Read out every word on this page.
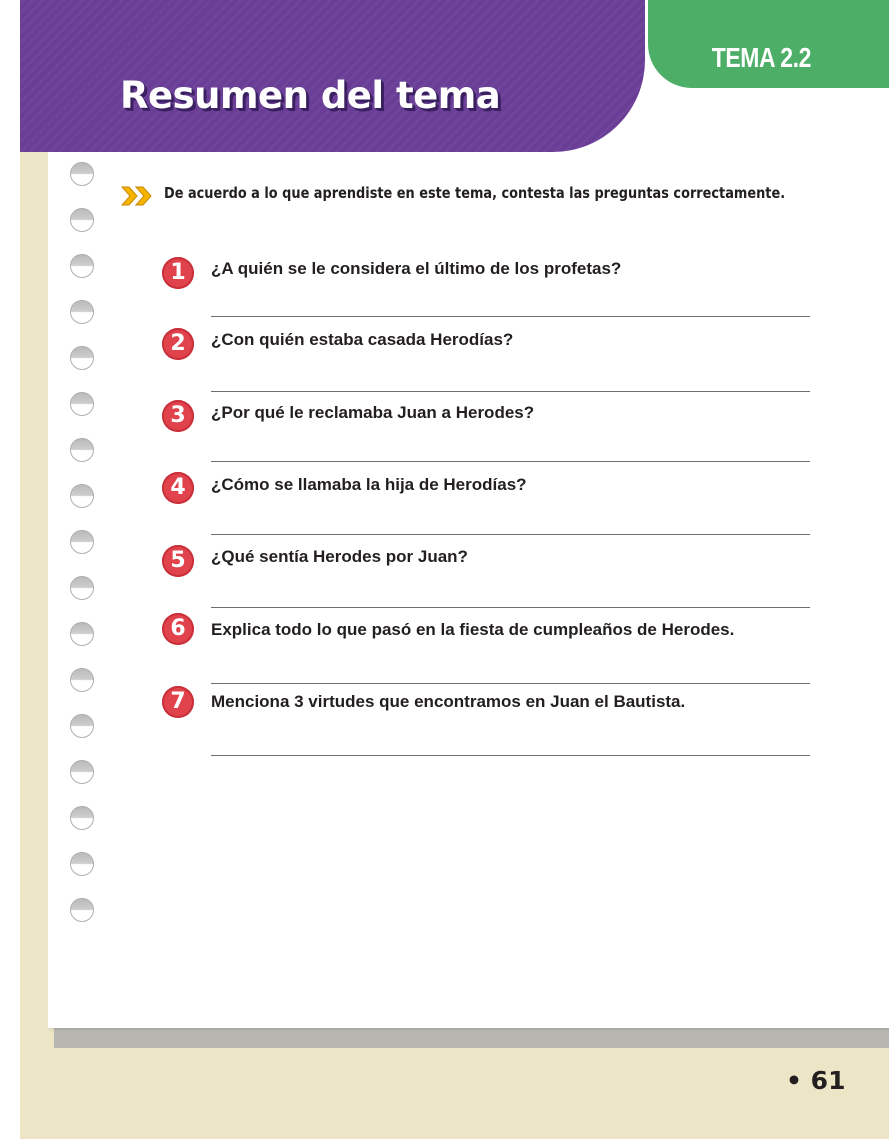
Resumen del tema
TEMA 2.2

De acuerdo a lo que aprendiste en este tema, contesta las preguntas correctamente.

1	¿A quién se le considera el último de los profetas?

2	¿Con quién estaba casada Herodías?

3	¿Por qué le reclamaba Juan a Herodes?

4	¿Cómo se llamaba la hija de Herodías?

5	¿Qué sentía Herodes por Juan?

6	Explica todo lo que pasó en la fiesta de cumpleaños de Herodes.

7	Menciona 3 virtudes que encontramos en Juan el Bautista.

• 61
